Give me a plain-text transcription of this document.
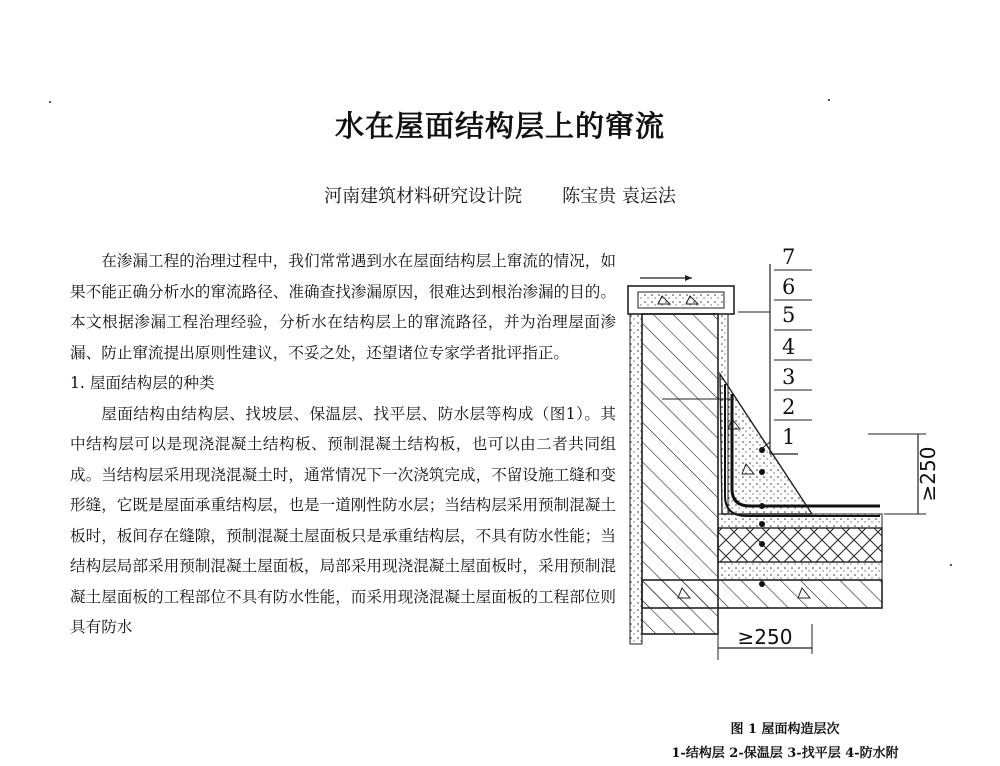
水在屋面结构层上的窜流
河南建筑材料研究设计院 陈宝贵 袁运法

在渗漏工程的治理过程中，我们常常遇到水在屋面结构层上窜流的情况，如果不能正确分析水的窜流路径、准确查找渗漏原因，很难达到根治渗漏的目的。本文根据渗漏工程治理经验，分析水在结构层上的窜流路径，并为治理屋面渗漏、防止窜流提出原则性建议，不妥之处，还望诸位专家学者批评指正。

1. 屋面结构层的种类

屋面结构由结构层、找坡层、保温层、找平层、防水层等构成（图1）。其中结构层可以是现浇混凝土结构板、预制混凝土结构板，也可以由二者共同组成。当结构层采用现浇混凝土时，通常情况下一次浇筑完成，不留设施工缝和变形缝，它既是屋面承重结构层，也是一道刚性防水层；当结构层采用预制混凝土板时，板间存在缝隙，预制混凝土屋面板只是承重结构层，不具有防水性能；当结构层局部采用预制混凝土屋面板，局部采用现浇混凝土屋面板时，采用预制混凝土屋面板的工程部位不具有防水性能，而采用现浇混凝土屋面板的工程部位则具有防水

7
6
5
4
3
2
1
≥250
≥250
图 1 屋面构造层次
1-结构层 2-保温层 3-找平层 4-防水附
